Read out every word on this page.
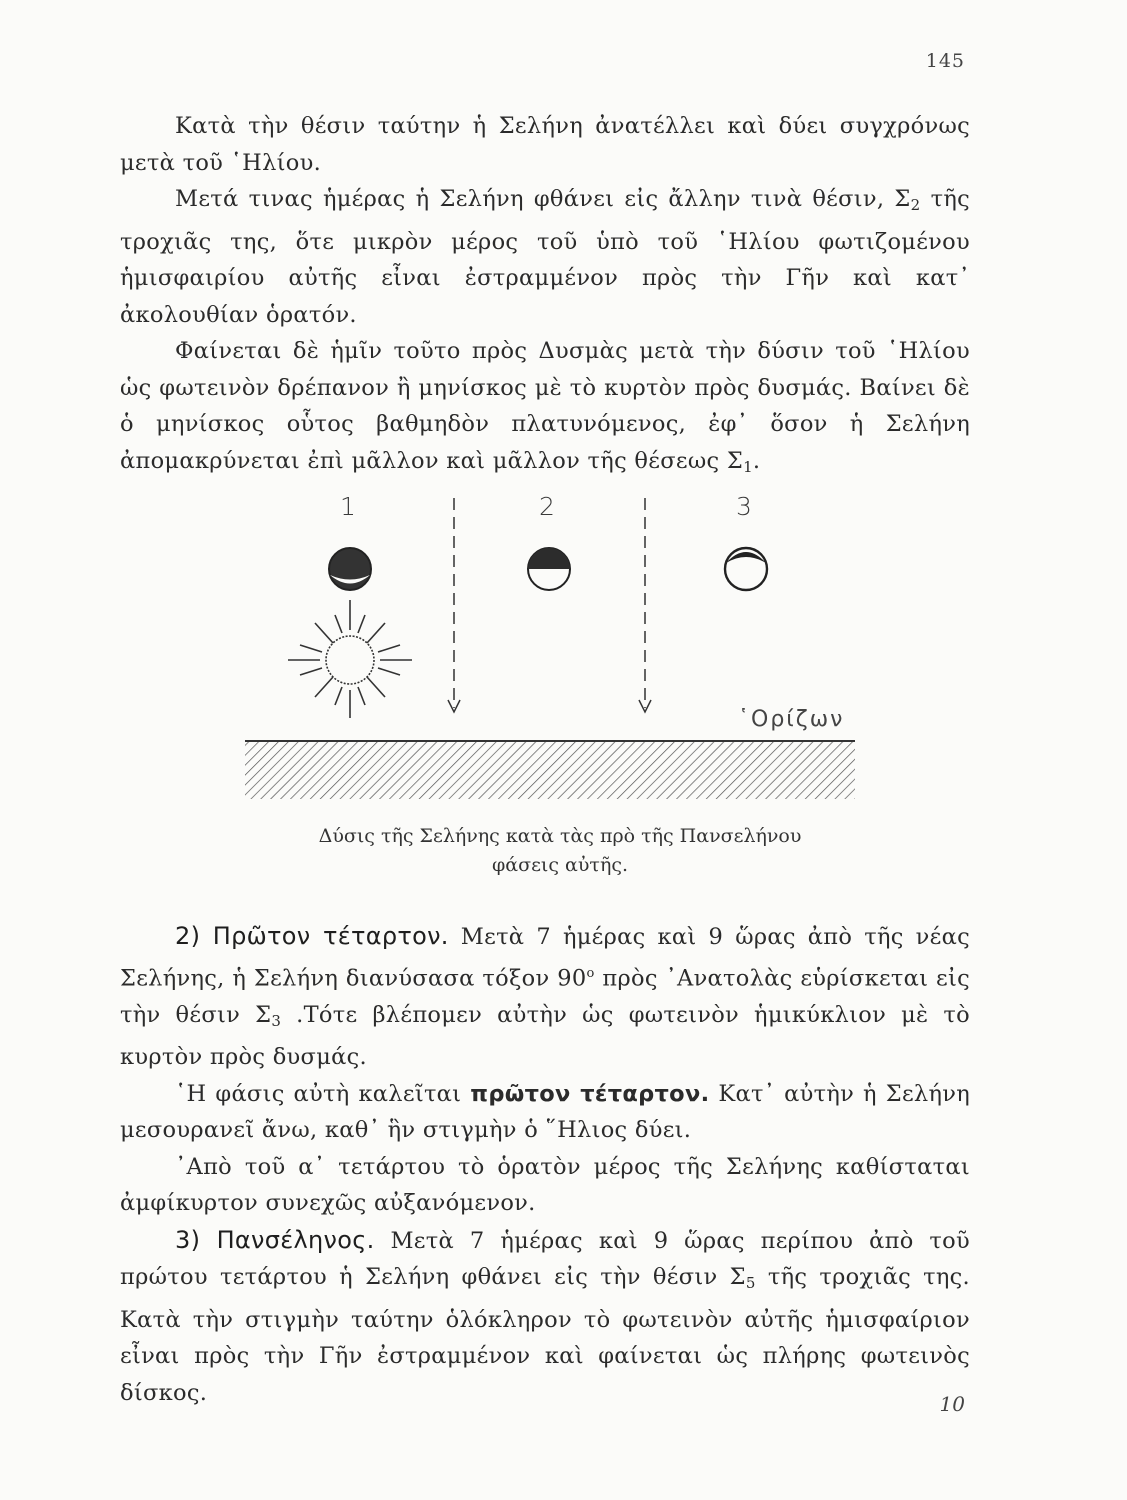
145

Κατὰ τὴν θέσιν ταύτην ἡ Σελήνη ἀνατέλλει καὶ δύει συγχρόνως μετὰ τοῦ ῾Ηλίου.

Μετά τινας ἡμέρας ἡ Σελήνη φθάνει εἰς ἄλλην τινὰ θέσιν, $\Sigma_2$ τῆς τροχιᾶς της, ὅτε μικρὸν μέρος τοῦ ὑπὸ τοῦ ῾Ηλίου φωτιζομένου ἡμισφαιρίου αὐτῆς εἶναι ἐστραμμένον πρὸς τὴν Γῆν καὶ κατ᾽ ἀκολουθίαν ὁρατόν.

Φαίνεται δὲ ἡμῖν τοῦτο πρὸς Δυσμὰς μετὰ τὴν δύσιν τοῦ ῾Ηλίου ὡς φωτεινὸν δρέπανον ἢ μηνίσκος μὲ τὸ κυρτὸν πρὸς δυσμάς. Βαίνει δὲ ὁ μηνίσκος οὗτος βαθμηδὸν πλατυνόμενος, ἐφ᾽ ὅσον ἡ Σελήνη ἀπομακρύνεται ἐπὶ μᾶλλον καὶ μᾶλλον τῆς θέσεως $\Sigma_1$.

1	2	3
῾Ορίζων
Δύσις τῆς Σελήνης κατὰ τὰς πρὸ τῆς Πανσελήνου
φάσεις αὐτῆς.

2) Πρῶτον τέταρτον. Μετὰ 7 ἡμέρας καὶ 9 ὥρας ἀπὸ τῆς νέας Σελήνης, ἡ Σελήνη διανύσασα τόξον $90^o$ πρὸς ᾽Ανατολὰς εὑρίσκεται εἰς τὴν θέσιν $\Sigma_3$ .Τότε βλέπομεν αὐτὴν ὡς φωτεινὸν ἡμικύκλιον μὲ τὸ κυρτὸν πρὸς δυσμάς.

῾Η φάσις αὐτὴ καλεῖται πρῶτον τέταρτον. Κατ᾽ αὐτὴν ἡ Σελήνη μεσουρανεῖ ἄνω, καθ᾽ ἣν στιγμὴν ὁ ῞Ηλιος δύει.

᾽Απὸ τοῦ α᾽ τετάρτου τὸ ὁρατὸν μέρος τῆς Σελήνης καθίσταται ἀμφίκυρτον συνεχῶς αὐξανόμενον.

3) Πανσέληνος. Μετὰ 7 ἡμέρας καὶ 9 ὥρας περίπου ἀπὸ τοῦ πρώτου τετάρτου ἡ Σελήνη φθάνει εἰς τὴν θέσιν $\Sigma_5$ τῆς τροχιᾶς της. Κατὰ τὴν στιγμὴν ταύτην ὁλόκληρον τὸ φωτεινὸν αὐτῆς ἡμισφαίριον εἶναι πρὸς τὴν Γῆν ἐστραμμένον καὶ φαίνεται ὡς πλήρης φωτεινὸς δίσκος.	10
